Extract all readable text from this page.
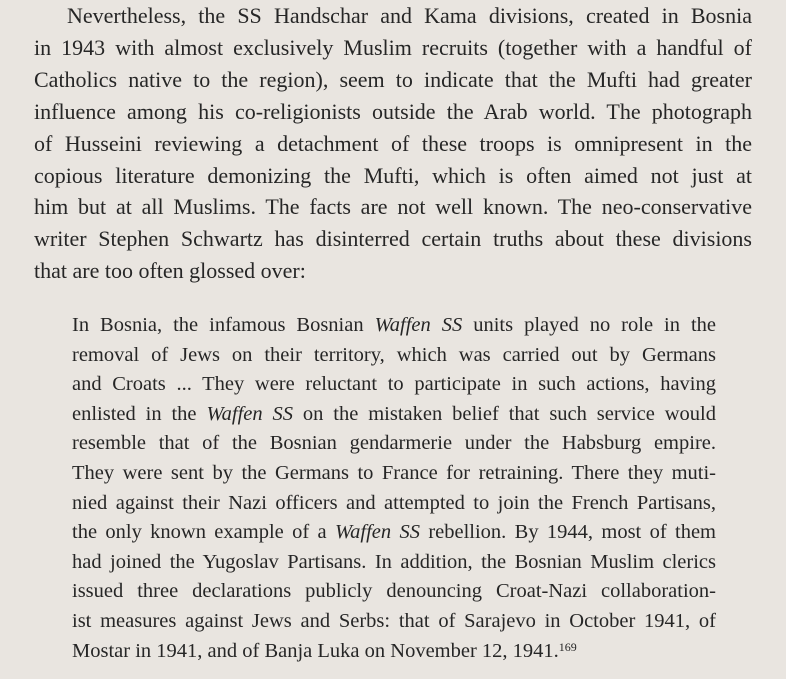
Nevertheless, the SS Handschar and Kama divisions, created in Bosnia
in 1943 with almost exclusively Muslim recruits (together with a handful of
Catholics native to the region), seem to indicate that the Mufti had greater
influence among his co-religionists outside the Arab world. The photograph
of Husseini reviewing a detachment of these troops is omnipresent in the
copious literature demonizing the Mufti, which is often aimed not just at
him but at all Muslims. The facts are not well known. The neo-conservative
writer Stephen Schwartz has disinterred certain truths about these divisions
that are too often glossed over:

In Bosnia, the infamous Bosnian Waffen SS units played no role in the
removal of Jews on their territory, which was carried out by Germans
and Croats ... They were reluctant to participate in such actions, having
enlisted in the Waffen SS on the mistaken belief that such service would
resemble that of the Bosnian gendarmerie under the Habsburg empire.
They were sent by the Germans to France for retraining. There they muti-
nied against their Nazi officers and attempted to join the French Partisans,
the only known example of a Waffen SS rebellion. By 1944, most of them
had joined the Yugoslav Partisans. In addition, the Bosnian Muslim clerics
issued three declarations publicly denouncing Croat-Nazi collaboration-
ist measures against Jews and Serbs: that of Sarajevo in October 1941, of
Mostar in 1941, and of Banja Luka on November 12, 1941.$^{169}$
